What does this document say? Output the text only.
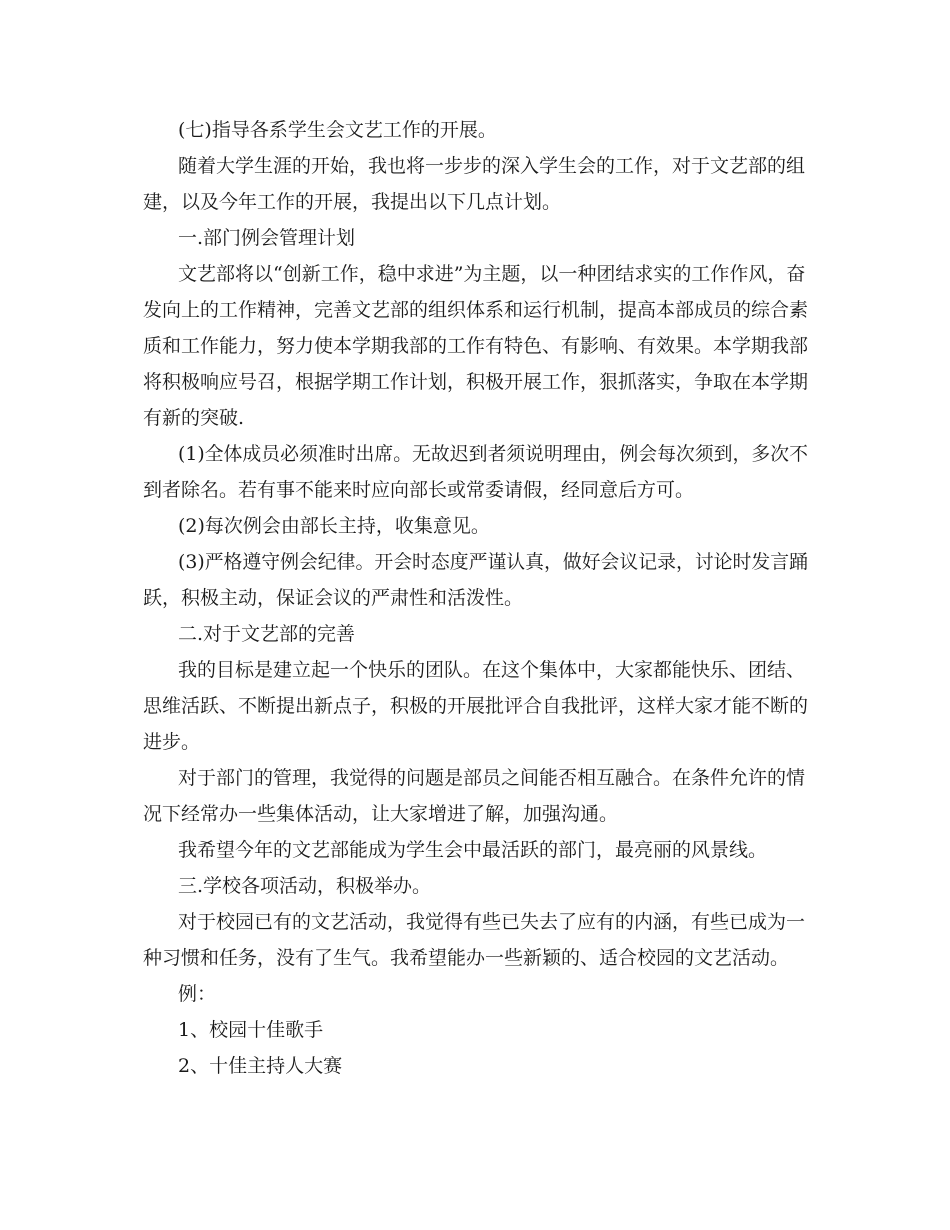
(七)指导各系学生会文艺工作的开展。
随着大学生涯的开始，我也将一步步的深入学生会的工作，对于文艺部的组
建，以及今年工作的开展，我提出以下几点计划。
一.部门例会管理计划
文艺部将以“创新工作，稳中求进”为主题，以一种团结求实的工作作风，奋
发向上的工作精神，完善文艺部的组织体系和运行机制，提高本部成员的综合素
质和工作能力，努力使本学期我部的工作有特色、有影响、有效果。本学期我部
将积极响应号召，根据学期工作计划，积极开展工作，狠抓落实，争取在本学期
有新的突破.
(1)全体成员必须准时出席。无故迟到者须说明理由，例会每次须到，多次不
到者除名。若有事不能来时应向部长或常委请假，经同意后方可。
(2)每次例会由部长主持，收集意见。
(3)严格遵守例会纪律。开会时态度严谨认真，做好会议记录，讨论时发言踊
跃，积极主动，保证会议的严肃性和活泼性。
二.对于文艺部的完善
我的目标是建立起一个快乐的团队。在这个集体中，大家都能快乐、团结、
思维活跃、不断提出新点子，积极的开展批评合自我批评，这样大家才能不断的
进步。
对于部门的管理，我觉得的问题是部员之间能否相互融合。在条件允许的情
况下经常办一些集体活动，让大家增进了解，加强沟通。
我希望今年的文艺部能成为学生会中最活跃的部门，最亮丽的风景线。
三.学校各项活动，积极举办。
对于校园已有的文艺活动，我觉得有些已失去了应有的内涵，有些已成为一
种习惯和任务，没有了生气。我希望能办一些新颖的、适合校园的文艺活动。
例：
1、校园十佳歌手
2、十佳主持人大赛
